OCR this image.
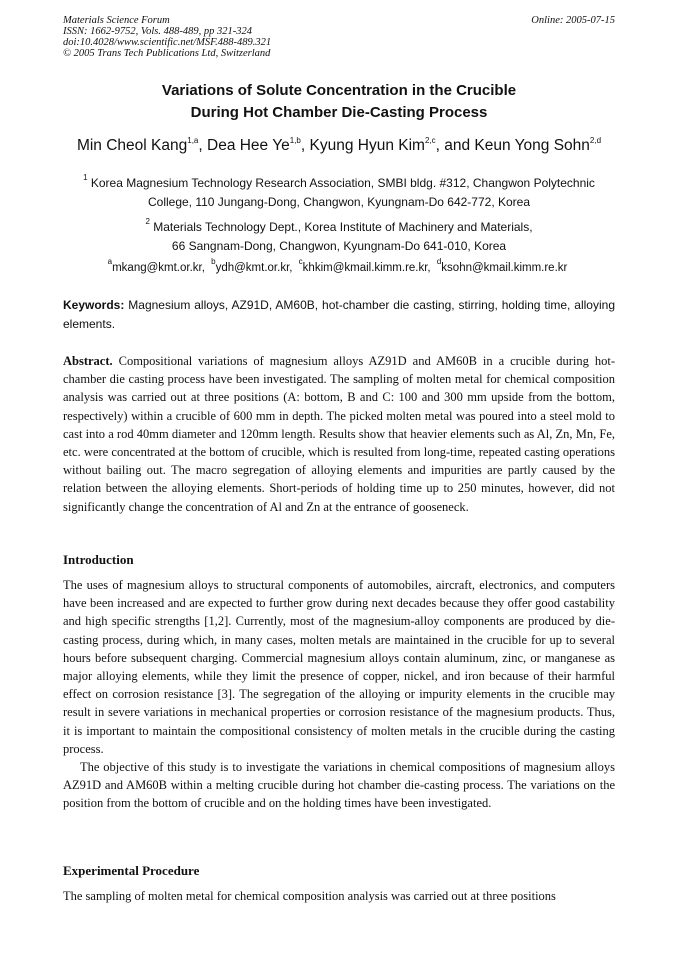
Materials Science Forum
ISSN: 1662-9752, Vols. 488-489, pp 321-324
doi:10.4028/www.scientific.net/MSF.488-489.321
© 2005 Trans Tech Publications Ltd, Switzerland
Online: 2005-07-15
Variations of Solute Concentration in the Crucible
During Hot Chamber Die-Casting Process
Min Cheol Kang$^{1,a}$, Dea Hee Ye$^{1,b}$, Kyung Hyun Kim$^{2,c}$, and Keun Yong Sohn$^{2,d}$
$^1$ Korea Magnesium Technology Research Association, SMBI bldg. #312, Changwon Polytechnic
College, 110 Jungang-Dong, Changwon, Kyungnam-Do 642-772, Korea
$^2$ Materials Technology Dept., Korea Institute of Machinery and Materials,
66 Sangnam-Dong, Changwon, Kyungnam-Do 641-010, Korea
$^a$mkang@kmt.or.kr, $^b$ydh@kmt.or.kr, $^c$khkim@kmail.kimm.re.kr, $^d$ksohn@kmail.kimm.re.kr
Keywords: Magnesium alloys, AZ91D, AM60B, hot-chamber die casting, stirring, holding time, alloying elements.
Abstract. Compositional variations of magnesium alloys AZ91D and AM60B in a crucible during hot-chamber die casting process have been investigated. The sampling of molten metal for chemical composition analysis was carried out at three positions (A: bottom, B and C: 100 and 300 mm upside from the bottom, respectively) within a crucible of 600 mm in depth. The picked molten metal was poured into a steel mold to cast into a rod 40mm diameter and 120mm length. Results show that heavier elements such as Al, Zn, Mn, Fe, etc. were concentrated at the bottom of crucible, which is resulted from long-time, repeated casting operations without bailing out. The macro segregation of alloying elements and impurities are partly caused by the relation between the alloying elements. Short-periods of holding time up to 250 minutes, however, did not significantly change the concentration of Al and Zn at the entrance of gooseneck.
Introduction

The uses of magnesium alloys to structural components of automobiles, aircraft, electronics, and computers have been increased and are expected to further grow during next decades because they offer good castability and high specific strengths [1,2]. Currently, most of the magnesium-alloy components are produced by die-casting process, during which, in many cases, molten metals are maintained in the crucible for up to several hours before subsequent charging. Commercial magnesium alloys contain aluminum, zinc, or manganese as major alloying elements, while they limit the presence of copper, nickel, and iron because of their harmful effect on corrosion resistance [3]. The segregation of the alloying or impurity elements in the crucible may result in severe variations in mechanical properties or corrosion resistance of the magnesium products. Thus, it is important to maintain the compositional consistency of molten metals in the crucible during the casting process.

The objective of this study is to investigate the variations in chemical compositions of magnesium alloys AZ91D and AM60B within a melting crucible during hot chamber die-casting process. The variations on the position from the bottom of crucible and on the holding times have been investigated.

Experimental Procedure

The sampling of molten metal for chemical composition analysis was carried out at three positions
